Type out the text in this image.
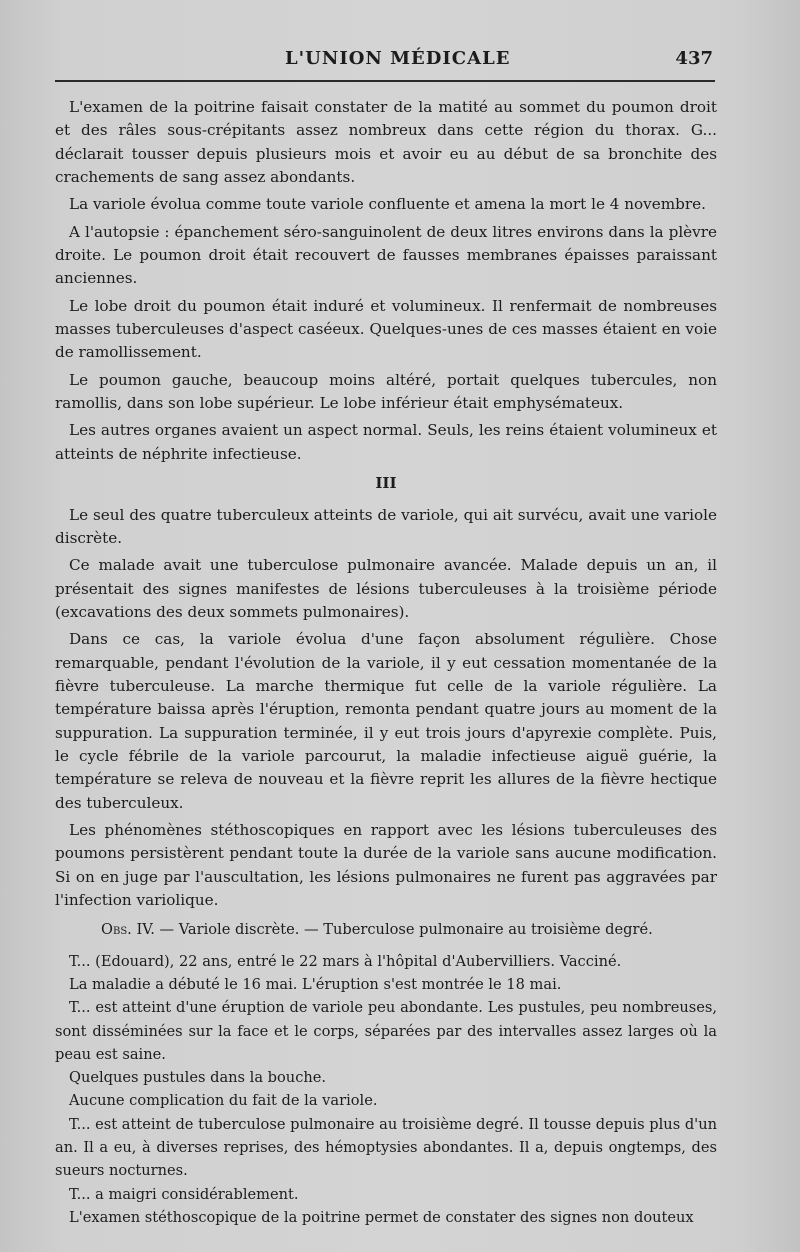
L'UNION MÉDICALE	437

L'examen de la poitrine faisait constater de la matité au sommet du poumon droit et des râles sous-crépitants assez nombreux dans cette région du thorax. G... déclarait tousser depuis plusieurs mois et avoir eu au début de sa bronchite des crachements de sang assez abondants.

La variole évolua comme toute variole confluente et amena la mort le 4 novembre.

A l'autopsie : épanchement séro-sanguinolent de deux litres environs dans la plèvre droite. Le poumon droit était recouvert de fausses membranes épaisses paraissant anciennes.

Le lobe droit du poumon était induré et volumineux. Il renfermait de nombreuses masses tuberculeuses d'aspect caséeux. Quelques-unes de ces masses étaient en voie de ramollissement.

Le poumon gauche, beaucoup moins altéré, portait quelques tubercules, non ramollis, dans son lobe supérieur. Le lobe inférieur était emphysémateux.

Les autres organes avaient un aspect normal. Seuls, les reins étaient volumineux et atteints de néphrite infectieuse.

III

Le seul des quatre tuberculeux atteints de variole, qui ait survécu, avait une variole discrète.

Ce malade avait une tuberculose pulmonaire avancée. Malade depuis un an, il présentait des signes manifestes de lésions tuberculeuses à la troisième période (excavations des deux sommets pulmonaires).

Dans ce cas, la variole évolua d'une façon absolument régulière. Chose remarquable, pendant l'évolution de la variole, il y eut cessation momentanée de la fièvre tuberculeuse. La marche thermique fut celle de la variole régulière. La température baissa après l'éruption, remonta pendant quatre jours au moment de la suppuration. La suppuration terminée, il y eut trois jours d'apyrexie complète. Puis, le cycle fébrile de la variole parcourut, la maladie infectieuse aiguë guérie, la température se releva de nouveau et la fièvre reprit les allures de la fièvre hectique des tuberculeux.

Les phénomènes stéthoscopiques en rapport avec les lésions tuberculeuses des poumons persistèrent pendant toute la durée de la variole sans aucune modification. Si on en juge par l'auscultation, les lésions pulmonaires ne furent pas aggravées par l'infection variolique.

Obs. IV. — Variole discrète. — Tuberculose pulmonaire au troisième degré.

T... (Edouard), 22 ans, entré le 22 mars à l'hôpital d'Aubervilliers. Vacciné.

La maladie a débuté le 16 mai. L'éruption s'est montrée le 18 mai.

T... est atteint d'une éruption de variole peu abondante. Les pustules, peu nombreuses, sont disséminées sur la face et le corps, séparées par des intervalles assez larges où la peau est saine.

Quelques pustules dans la bouche.

Aucune complication du fait de la variole.

T... est atteint de tuberculose pulmonaire au troisième degré. Il tousse depuis plus d'un an. Il a eu, à diverses reprises, des hémoptysies abondantes. Il a, depuis ongtemps, des sueurs nocturnes.

T... a maigri considérablement.

L'examen stéthoscopique de la poitrine permet de constater des signes non douteux
